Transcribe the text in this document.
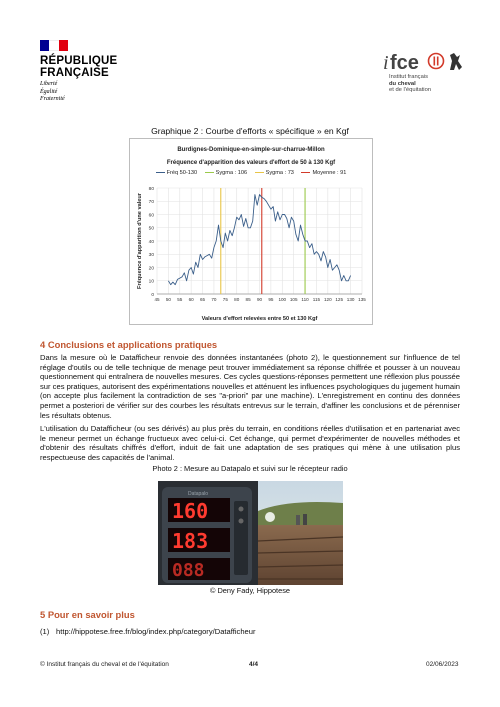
RÉPUBLIQUE
FRANÇAISE
Liberté
Égalité
Fraternité
i fce
Institut français
du cheval
et de l'équitation
Graphique 2 : Courbe d'efforts « spécifique » en Kgf
Burdignes-Dominique-en-simple-sur-charrue-Millon
Fréquence d'apparition des valeurs d'effort de 50 à 130 Kgf
Fréq 50-130	Sygma : 106	Sygma : 73	Moyenne : 91
0
10
20
30
40
50
60
70
80
45 50 55 60 65 70 75 80 85 90 95 100 105 110 115 120 125 130 135
Valeurs d'effort relevées entre 50 et 130 Kgf
Fréquence d'apparition d'une valeur
4 Conclusions et applications pratiques

Dans la mesure où le Datafficheur renvoie des données instantanées (photo 2), le questionnement sur l'influence de tel réglage d'outils ou de telle technique de menage peut trouver immédiatement sa réponse chiffrée et pousser à un nouveau questionnement qui entraînera de nouvelles mesures. Ces cycles questions-réponses permettent une réflexion plus poussée sur ces pratiques, autorisent des expérimentations nouvelles et atténuent les influences psychologiques du jugement humain (on accepte plus facilement la contradiction de ses "a-priori" par une machine). L'enregistrement en continu des données permet a posteriori de vérifier sur des courbes les résultats entrevus sur le terrain, d'affiner les conclusions et de pérenniser les résultats obtenus.

L'utilisation du Datafficheur (ou ses dérivés) au plus près du terrain, en conditions réelles d'utilisation et en partenariat avec le meneur permet un échange fructueux avec celui-ci. Cet échange, qui permet d'expérimenter de nouvelles méthodes et d'obtenir des résultats chiffrés d'effort, induit de fait une adaptation de ses pratiques qui mène à une utilisation plus respectueuse des capacités de l'animal.

Photo 2 : Mesure au Datapalo et suivi sur le récepteur radio
Datapalo
160
183
088
© Deny Fady, Hippotese
5 Pour en savoir plus
(1) http://hippotese.free.fr/blog/index.php/category/Datafficheur
© Institut français du cheval et de l'équitation	4/4	02/06/2023
